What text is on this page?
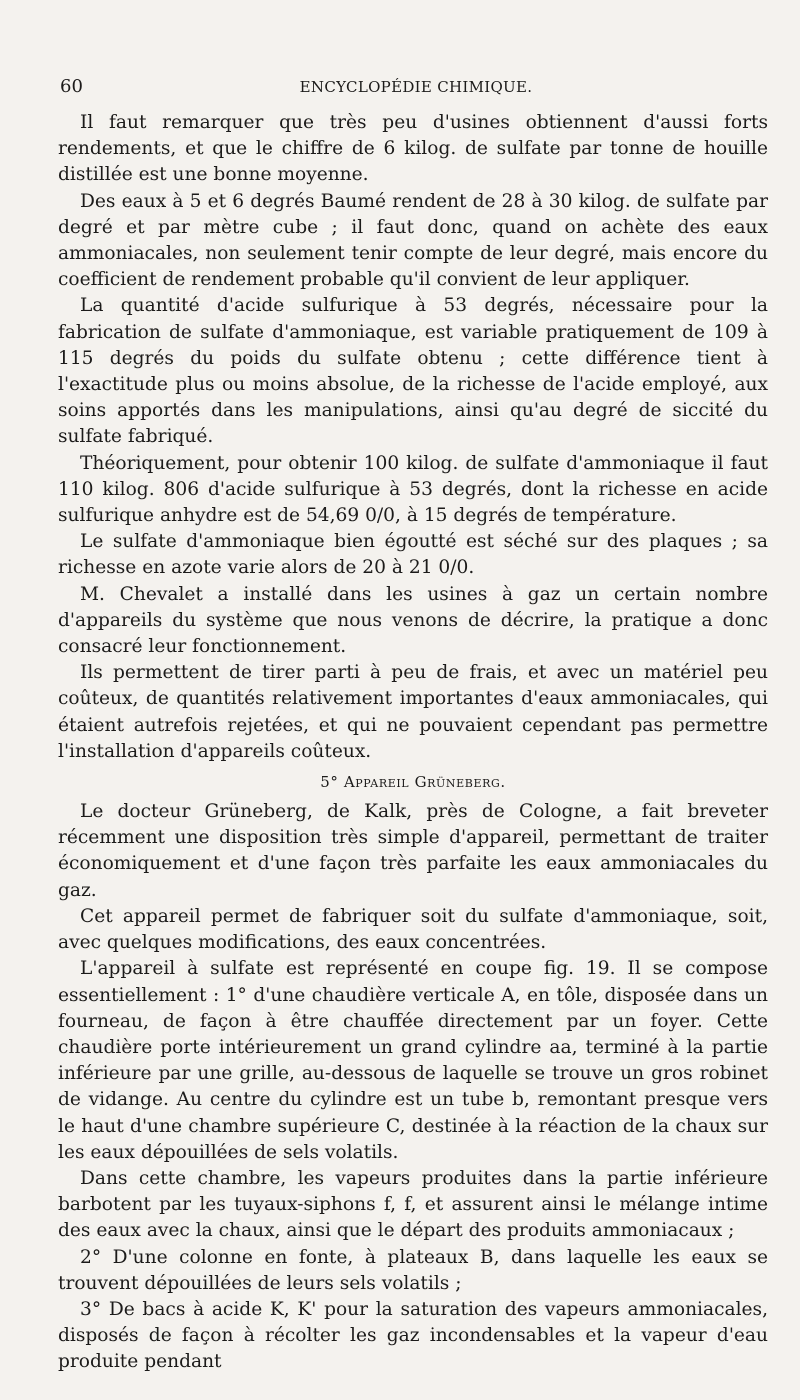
60	ENCYCLOPÉDIE CHIMIQUE.

Il faut remarquer que très peu d'usines obtiennent d'aussi forts rendements, et que le chiffre de 6 kilog. de sulfate par tonne de houille distillée est une bonne moyenne.

Des eaux à 5 et 6 degrés Baumé rendent de 28 à 30 kilog. de sulfate par degré et par mètre cube ; il faut donc, quand on achète des eaux ammoniacales, non seulement tenir compte de leur degré, mais encore du coefficient de rendement probable qu'il convient de leur appliquer.

La quantité d'acide sulfurique à 53 degrés, nécessaire pour la fabrication de sulfate d'ammoniaque, est variable pratiquement de 109 à 115 degrés du poids du sulfate obtenu ; cette différence tient à l'exactitude plus ou moins absolue, de la richesse de l'acide employé, aux soins apportés dans les manipulations, ainsi qu'au degré de siccité du sulfate fabriqué.

Théoriquement, pour obtenir 100 kilog. de sulfate d'ammoniaque il faut 110 kilog. 806 d'acide sulfurique à 53 degrés, dont la richesse en acide sulfurique anhydre est de 54,69 0/0, à 15 degrés de température.

Le sulfate d'ammoniaque bien égoutté est séché sur des plaques ; sa richesse en azote varie alors de 20 à 21 0/0.

M. Chevalet a installé dans les usines à gaz un certain nombre d'appareils du système que nous venons de décrire, la pratique a donc consacré leur fonctionnement.

Ils permettent de tirer parti à peu de frais, et avec un matériel peu coûteux, de quantités relativement importantes d'eaux ammoniacales, qui étaient autrefois rejetées, et qui ne pouvaient cependant pas permettre l'installation d'appareils coûteux.

5° Appareil Grüneberg.

Le docteur Grüneberg, de Kalk, près de Cologne, a fait breveter récemment une disposition très simple d'appareil, permettant de traiter économiquement et d'une façon très parfaite les eaux ammoniacales du gaz.

Cet appareil permet de fabriquer soit du sulfate d'ammoniaque, soit, avec quelques modifications, des eaux concentrées.

L'appareil à sulfate est représenté en coupe fig. 19. Il se compose essentiellement : 1° d'une chaudière verticale A, en tôle, disposée dans un fourneau, de façon à être chauffée directement par un foyer. Cette chaudière porte intérieurement un grand cylindre aa, terminé à la partie inférieure par une grille, au-dessous de laquelle se trouve un gros robinet de vidange. Au centre du cylindre est un tube b, remontant presque vers le haut d'une chambre supérieure C, destinée à la réaction de la chaux sur les eaux dépouillées de sels volatils.

Dans cette chambre, les vapeurs produites dans la partie inférieure barbotent par les tuyaux-siphons f, f, et assurent ainsi le mélange intime des eaux avec la chaux, ainsi que le départ des produits ammoniacaux ;

2° D'une colonne en fonte, à plateaux B, dans laquelle les eaux se trouvent dépouillées de leurs sels volatils ;

3° De bacs à acide K, K' pour la saturation des vapeurs ammoniacales, disposés de façon à récolter les gaz incondensables et la vapeur d'eau produite pendant
